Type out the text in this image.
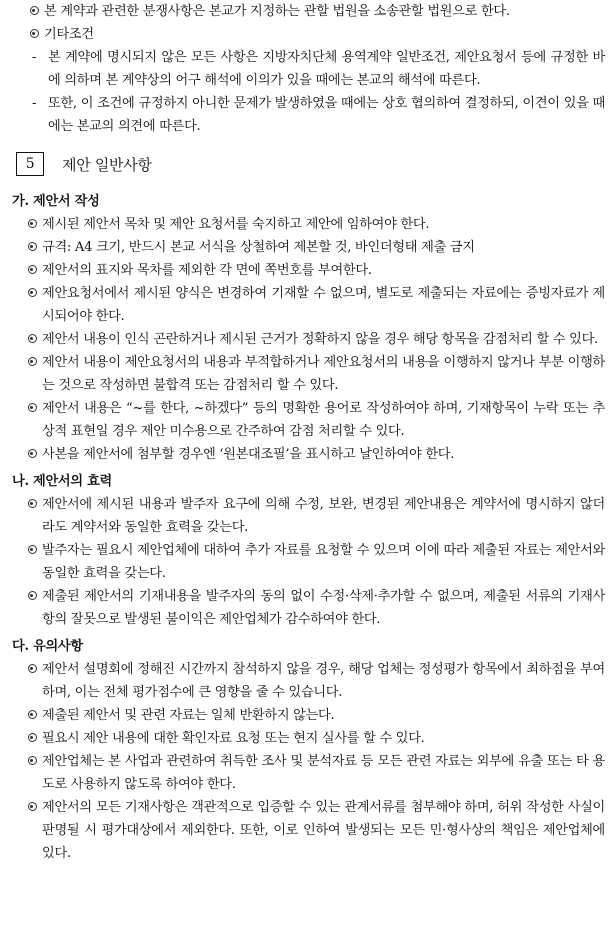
본 계약과 관련한 분쟁사항은 본교가 지정하는 관할 법원을 소송관할 법원으로 한다.
기타조건
- 본 계약에 명시되지 않은 모든 사항은 지방자치단체 용역계약 일반조건, 제안요청서 등에 규정한 바에 의하며 본 계약상의 어구 해석에 이의가 있을 때에는 본교의 해석에 따른다.
- 또한, 이 조건에 규정하지 아니한 문제가 발생하였을 때에는 상호 협의하여 결정하되, 이견이 있을 때에는 본교의 의견에 따른다.
5	제안 일반사항
가. 제안서 작성
제시된 제안서 목차 및 제안 요청서를 숙지하고 제안에 임하여야 한다.
규격: A4 크기, 반드시 본교 서식을 상철하여 제본할 것, 바인더형태 제출 금지
제안서의 표지와 목차를 제외한 각 면에 쪽번호를 부여한다.
제안요청서에서 제시된 양식은 변경하여 기재할 수 없으며, 별도로 제출되는 자료에는 증빙자료가 제시되어야 한다.
제안서 내용이 인식 곤란하거나 제시된 근거가 정확하지 않을 경우 해당 항목을 감점처리 할 수 있다.
제안서 내용이 제안요청서의 내용과 부적합하거나 제안요청서의 내용을 이행하지 않거나 부분 이행하는 것으로 작성하면 불합격 또는 감점처리 할 수 있다.
제안서 내용은 “~를 한다, ~하겠다” 등의 명확한 용어로 작성하여야 하며, 기재항목이 누락 또는 추상적 표현일 경우 제안 미수용으로 간주하여 감점 처리할 수 있다.
사본을 제안서에 첨부할 경우엔 ‘원본대조필’을 표시하고 날인하여야 한다.
나. 제안서의 효력
제안서에 제시된 내용과 발주자 요구에 의해 수정, 보완, 변경된 제안내용은 계약서에 명시하지 않더라도 계약서와 동일한 효력을 갖는다.
발주자는 필요시 제안업체에 대하여 추가 자료를 요청할 수 있으며 이에 따라 제출된 자료는 제안서와 동일한 효력을 갖는다.
제출된 제안서의 기재내용을 발주자의 동의 없이 수정·삭제·추가할 수 없으며, 제출된 서류의 기재사항의 잘못으로 발생된 불이익은 제안업체가 감수하여야 한다.
다. 유의사항
제안서 설명회에 정해진 시간까지 참석하지 않을 경우, 해당 업체는 정성평가 항목에서 최하점을 부여하며, 이는 전체 평가점수에 큰 영향을 줄 수 있습니다.
제출된 제안서 및 관련 자료는 일체 반환하지 않는다.
필요시 제안 내용에 대한 확인자료 요청 또는 현지 실사를 할 수 있다.
제안업체는 본 사업과 관련하여 취득한 조사 및 분석자료 등 모든 관련 자료는 외부에 유출 또는 타 용도로 사용하지 않도록 하여야 한다.
제안서의 모든 기재사항은 객관적으로 입증할 수 있는 관계서류를 첨부해야 하며, 허위 작성한 사실이 판명될 시 평가대상에서 제외한다. 또한, 이로 인하여 발생되는 모든 민·형사상의 책임은 제안업체에 있다.
